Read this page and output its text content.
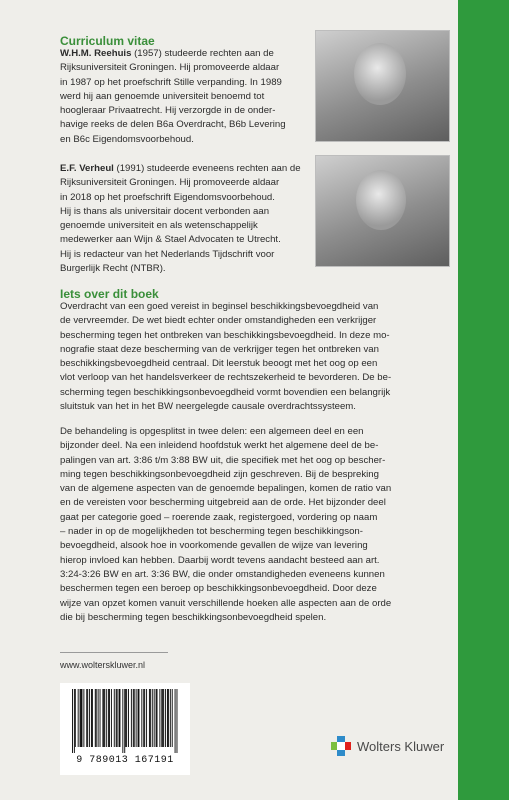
Curriculum vitae
W.H.M. Reehuis (1957) studeerde rechten aan de
Rijksuniversiteit Groningen. Hij promoveerde aldaar
in 1987 op het proefschrift Stille verpanding. In 1989
werd hij aan genoemde universiteit benoemd tot
hoogleraar Privaatrecht. Hij verzorgde in de onder-
havige reeks de delen B6a Overdracht, B6b Levering
en B6c Eigendomsvoorbehoud.
E.F. Verheul (1991) studeerde eveneens rechten aan de
Rijksuniversiteit Groningen. Hij promoveerde aldaar
in 2018 op het proefschrift Eigendomsvoorbehoud.
Hij is thans als universitair docent verbonden aan
genoemde universiteit en als wetenschappelijk
medewerker aan Wijn & Stael Advocaten te Utrecht.
Hij is redacteur van het Nederlands Tijdschrift voor
Burgerlijk Recht (NTBR).
Iets over dit boek
Overdracht van een goed vereist in beginsel beschikkingsbevoegdheid van
de vervreemder. De wet biedt echter onder omstandigheden een verkrijger
bescherming tegen het ontbreken van beschikkingsbevoegdheid. In deze mo-
nografie staat deze bescherming van de verkrijger tegen het ontbreken van
beschikkingsbevoegdheid centraal. Dit leerstuk beoogt met het oog op een
vlot verloop van het handelsverkeer de rechtszekerheid te bevorderen. De be-
scherming tegen beschikkingsonbevoegdheid vormt bovendien een belangrijk
sluitstuk van het in het BW neergelegde causale overdrachtssysteem.
De behandeling is opgesplitst in twee delen: een algemeen deel en een
bijzonder deel. Na een inleidend hoofdstuk werkt het algemene deel de be-
palingen van art. 3:86 t/m 3:88 BW uit, die specifiek met het oog op bescher-
ming tegen beschikkingsonbevoegdheid zijn geschreven. Bij de bespreking
van de algemene aspecten van de genoemde bepalingen, komen de ratio van
en de vereisten voor bescherming uitgebreid aan de orde. Het bijzonder deel
gaat per categorie goed – roerende zaak, registergoed, vordering op naam
– nader in op de mogelijkheden tot bescherming tegen beschikkingson-
bevoegdheid, alsook hoe in voorkomende gevallen de wijze van levering
hierop invloed kan hebben. Daarbij wordt tevens aandacht besteed aan art.
3:24-3:26 BW en art. 3:36 BW, die onder omstandigheden eveneens kunnen
beschermen tegen een beroep op beschikkingsonbevoegdheid. Door deze
wijze van opzet komen vanuit verschillende hoeken alle aspecten aan de orde
die bij bescherming tegen beschikkingsonbevoegdheid spelen.
www.wolterskluwer.nl
9 789013 167191
Wolters Kluwer
